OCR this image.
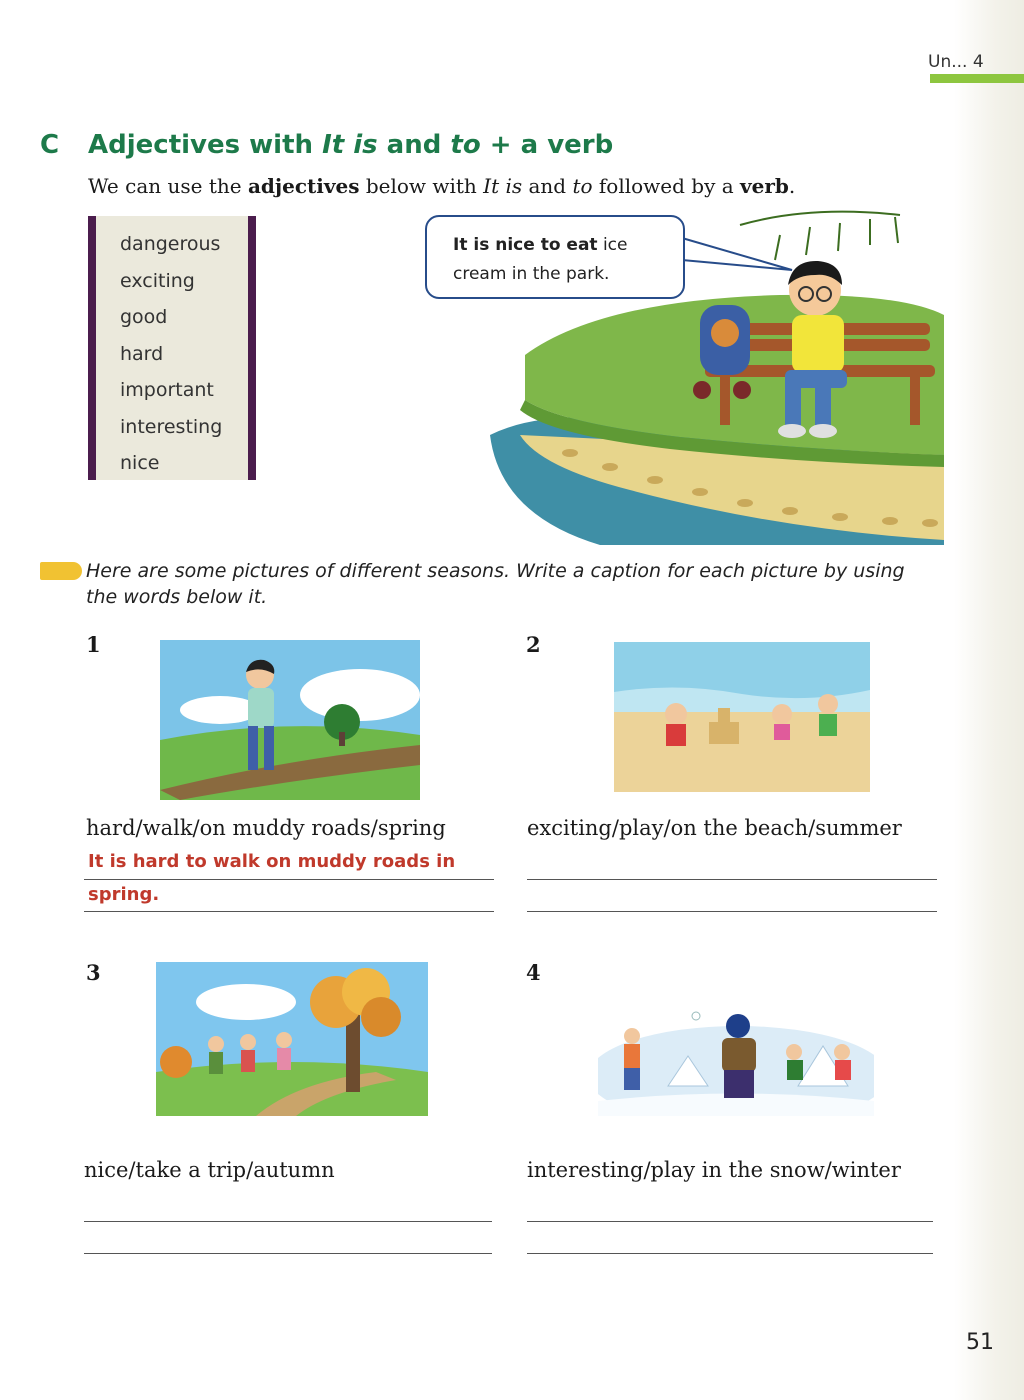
Un... 4
C Adjectives with It is and to + a verb
We can use the adjectives below with It is and to followed by a verb.
dangerous
exciting
good
hard
important
interesting
nice
It is nice to eat ice
cream in the park.
Here are some pictures of different seasons. Write a caption for each picture by using the words below it.
1
hard/walk/on muddy roads/spring
It is hard to walk on muddy roads in
spring.
2
exciting/play/on the beach/summer
3
nice/take a trip/autumn
4
interesting/play in the snow/winter
51
